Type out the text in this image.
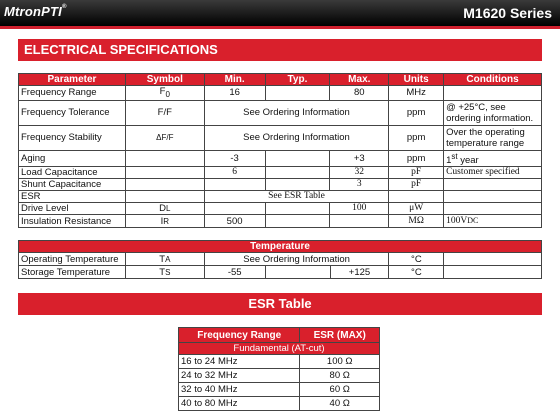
MtronPTI®	M1620 Series
ELECTRICAL SPECIFICATIONS
Parameter	Symbol	Min.	Typ.	Max.	Units	Conditions
Frequency Range	$F_0$	16		80	MHz	
Frequency Tolerance	F/F	See Ordering Information			ppm	@ +25°C, see ordering information.
Frequency Stability	ΔF/F	See Ordering Information			ppm	Over the operating temperature range
Aging		-3		+3	ppm	1st year
Load Capacitance		6		32	pF	Customer specified
Shunt Capacitance				3	pF	
ESR		See ESR Table				
Drive Level	DL			100	μW	
Insulation Resistance	IR	500			MΩ	100VDC
Temperature						
Operating Temperature	TA	See Ordering Information			°C	
Storage Temperature	TS	-55		+125	°C	
ESR Table
Frequency Range	ESR (MAX)
Fundamental (AT-cut)	
16 to 24 MHz	100 Ω
24 to 32 MHz	80 Ω
32 to 40 MHz	60 Ω
40 to 80 MHz	40 Ω
